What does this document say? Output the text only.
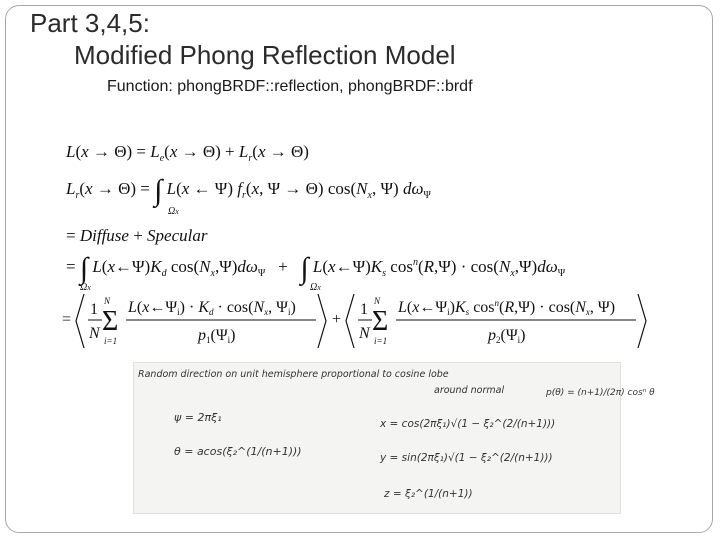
Part 3,4,5:
Modified Phong Reflection Model
Function: phongBRDF::reflection, phongBRDF::brdf
$L(x \to \Theta) = L_e(x \to \Theta) + L_r(x \to \Theta)$
$L_r(x \to \Theta)$ = ∫ L(x ← Ψ) $f_r(x$, Ψ → Θ) $\cos(N_x$, Ψ) $d\omega_\Psi$
Ωx
= Diffuse + Specular
= ∫ $L(x\leftarrow\Psi)K_d$ $\cos(N_x,\Psi)d\omega_\Psi$   +   ∫ $L(x\leftarrow\Psi)K_s$ $\cos^n(R,\Psi) \cdot \cos(N_x,\Psi)d\omega_\Psi$
Ωx	Ωx
=
1
N
N
Σ
i=1
L(x←Ψi) · Kd · cos(Nx, Ψi)
p1(Ψi)
+
1
N
N
Σ
i=1
L(x←Ψi)Ks $\cos^n(R,\Psi) \cdot \cos(Nx$, Ψ)
p2(Ψi)
Random direction on unit hemisphere proportional to cosine lobe
around normal	p(θ) = (n+1)/(2π) cosⁿ θ
ψ = 2πξ₁
θ = acos(ξ₂^(1/(n+1)))
x = cos(2πξ₁)√(1 − ξ₂^(2/(n+1)))
y = sin(2πξ₁)√(1 − ξ₂^(2/(n+1)))
z = ξ₂^(1/(n+1))
